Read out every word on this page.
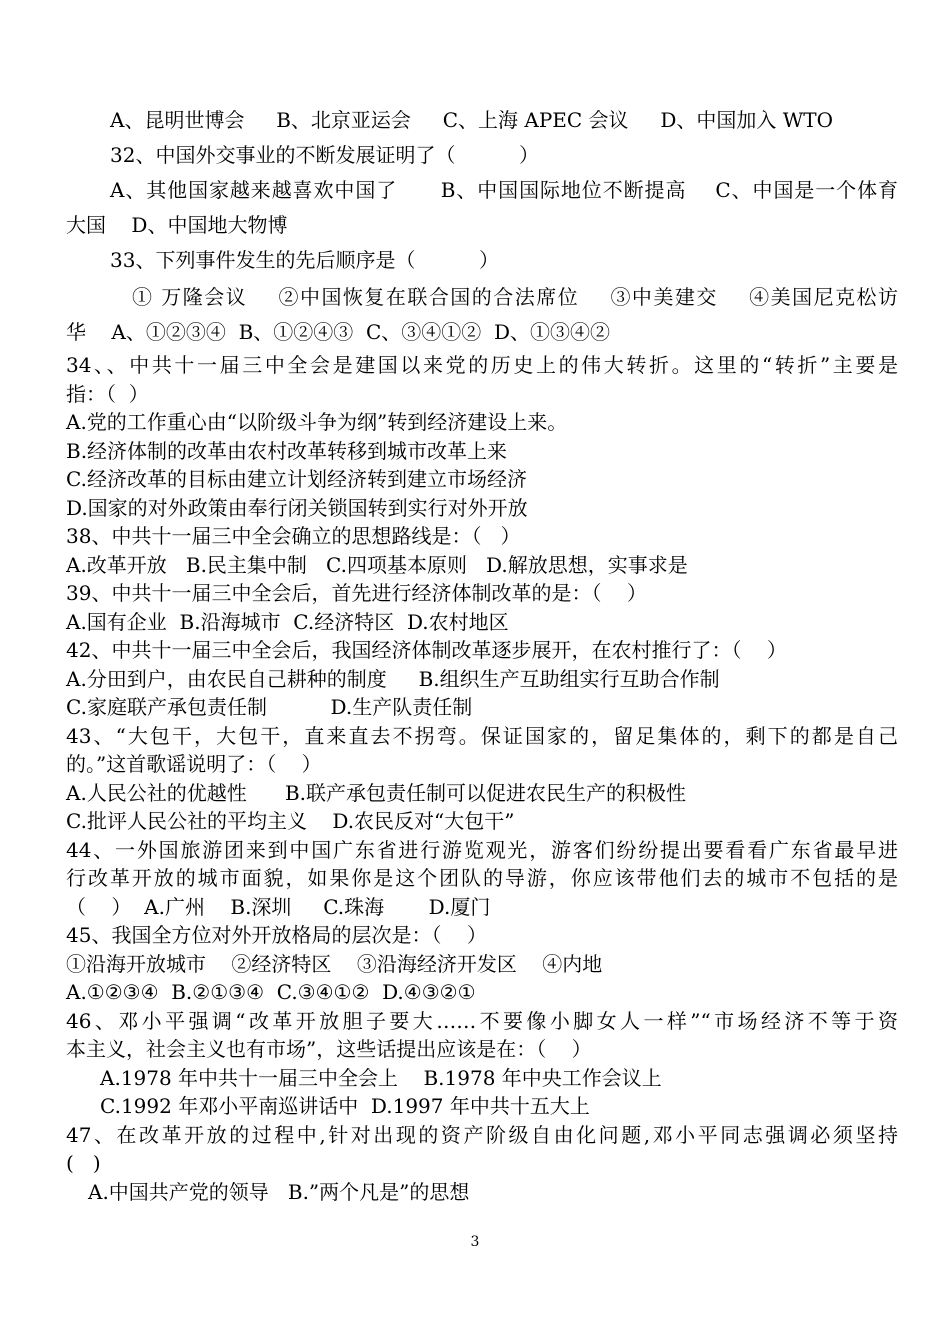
A、昆明世博会     B、北京亚运会     C、上海 APEC 会议     D、中国加入 WTO

32、中国外交事业的不断发展证明了（          ）

A、其他国家越来越喜欢中国了      B、中国国际地位不断提高    C、中国是一个体育

大国    D、中国地大物博

33、下列事件发生的先后顺序是（          ）

① 万隆会议    ②中国恢复在联合国的合法席位    ③中美建交    ④美国尼克松访

华    A、①②③④  B、①②④③  C、③④①②  D、①③④②

34、、中共十一届三中全会是建国以来党的历史上的伟大转折。这里的“转折”主要是

指：（  ）

A.党的工作重心由“以阶级斗争为纲”转到经济建设上来。

B.经济体制的改革由农村改革转移到城市改革上来

C.经济改革的目标由建立计划经济转到建立市场经济

D.国家的对外政策由奉行闭关锁国转到实行对外开放

38、中共十一届三中全会确立的思想路线是：（   ）

A.改革开放   B.民主集中制   C.四项基本原则   D.解放思想，实事求是

39、中共十一届三中全会后，首先进行经济体制改革的是：（    ）

A.国有企业  B.沿海城市  C.经济特区  D.农村地区

42、中共十一届三中全会后，我国经济体制改革逐步展开，在农村推行了：（    ）

A.分田到户，由农民自己耕种的制度     B.组织生产互助组实行互助合作制

C.家庭联产承包责任制          D.生产队责任制

43、“大包干，大包干，直来直去不拐弯。保证国家的，留足集体的，剩下的都是自己

的。”这首歌谣说明了：（    ）

A.人民公社的优越性      B.联产承包责任制可以促进农民生产的积极性

C.批评人民公社的平均主义    D.农民反对“大包干”

44、一外国旅游团来到中国广东省进行游览观光，游客们纷纷提出要看看广东省最早进

行改革开放的城市面貌，如果你是这个团队的导游，你应该带他们去的城市不包括的是

（    ）  A.广州    B.深圳     C.珠海       D.厦门

45、我国全方位对外开放格局的层次是：（    ）

①沿海开放城市    ②经济特区    ③沿海经济开发区    ④内地

A.①②③④  B.②①③④  C.③④①②  D.④③②①

46、邓小平强调“改革开放胆子要大……不要像小脚女人一样”“市场经济不等于资

本主义，社会主义也有市场”，这些话提出应该是在：（    ）

A.1978 年中共十一届三中全会上    B.1978 年中央工作会议上

C.1992 年邓小平南巡讲话中  D.1997 年中共十五大上

47、在改革开放的过程中,针对出现的资产阶级自由化问题,邓小平同志强调必须坚持

(   )

A.中国共产党的领导   B.”两个凡是”的思想

3
